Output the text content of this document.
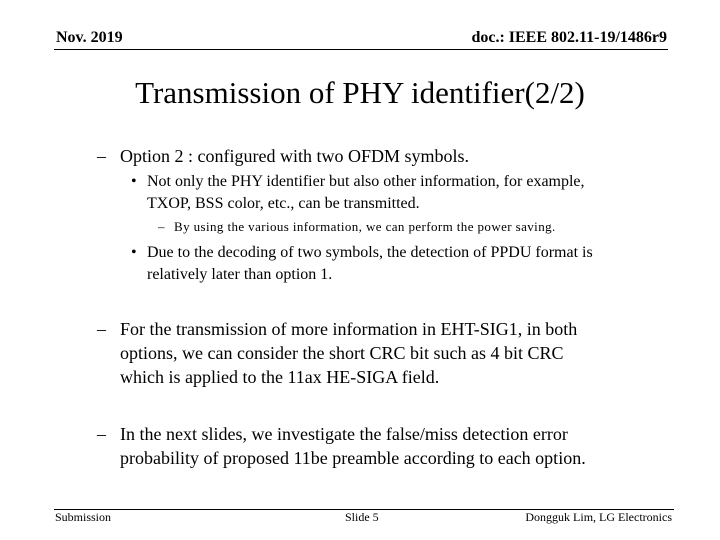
Nov. 2019	doc.: IEEE 802.11-19/1486r9
Transmission of PHY identifier(2/2)
– Option 2 : configured with two OFDM symbols.
• Not only the PHY identifier but also other information, for example,
TXOP, BSS color, etc., can be transmitted.
– By using the various information, we can perform the power saving.
• Due to the decoding of two symbols, the detection of PPDU format is
relatively later than option 1.
– For the transmission of more information in EHT-SIG1, in both
options, we can consider the short CRC bit such as 4 bit CRC
which is applied to the 11ax HE-SIGA field.
– In the next slides, we investigate the false/miss detection error
probability of proposed 11be preamble according to each option.
Submission	Slide 5	Dongguk Lim, LG Electronics
